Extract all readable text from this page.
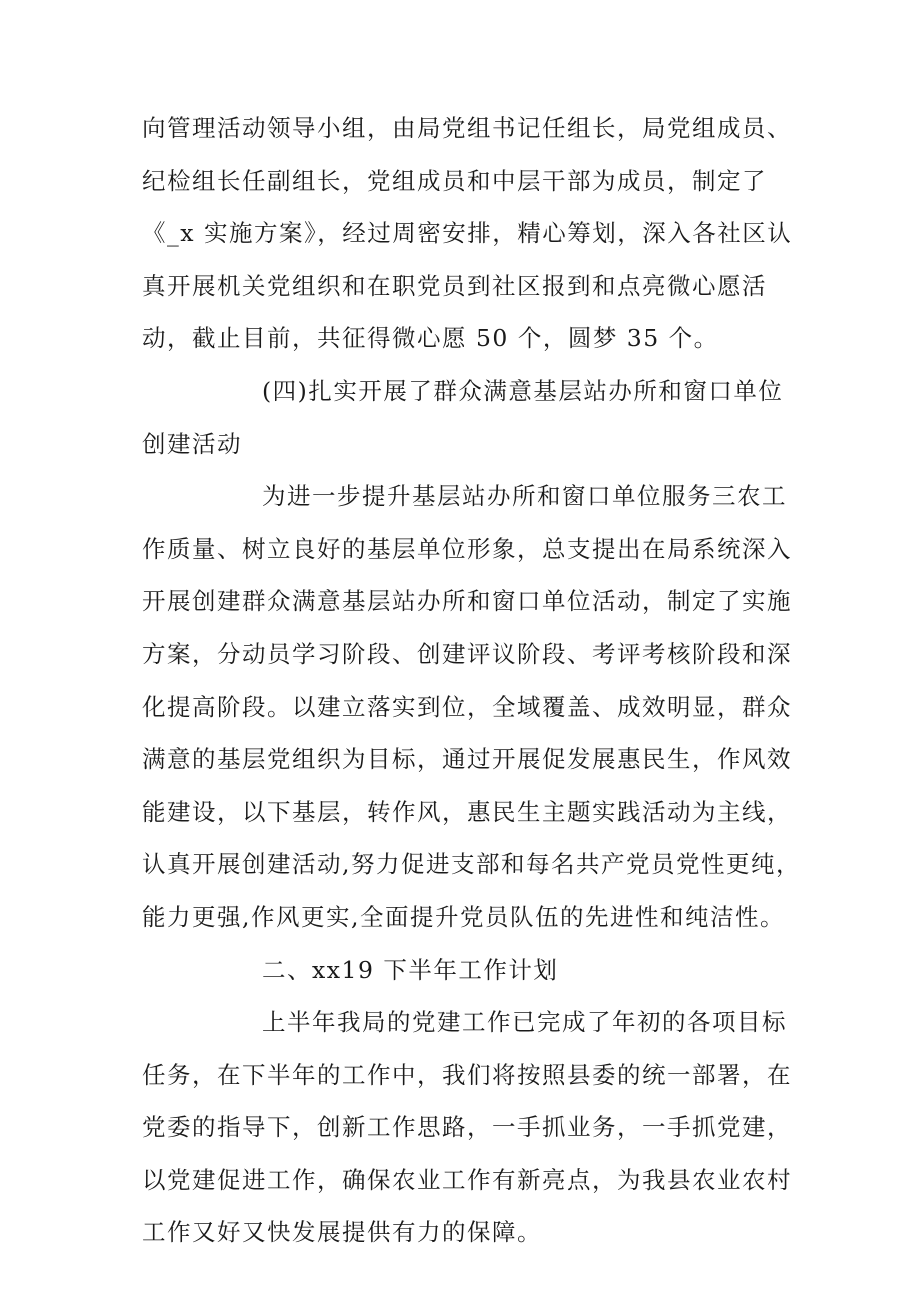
向管理活动领导小组，由局党组书记任组长，局党组成员、
纪检组长任副组长，党组成员和中层干部为成员，制定了
《_x 实施方案》，经过周密安排，精心筹划，深入各社区认
真开展机关党组织和在职党员到社区报到和点亮微心愿活
动，截止目前，共征得微心愿 50 个，圆梦 35 个。
(四)扎实开展了群众满意基层站办所和窗口单位
创建活动
为进一步提升基层站办所和窗口单位服务三农工
作质量、树立良好的基层单位形象，总支提出在局系统深入
开展创建群众满意基层站办所和窗口单位活动，制定了实施
方案，分动员学习阶段、创建评议阶段、考评考核阶段和深
化提高阶段。以建立落实到位，全域覆盖、成效明显，群众
满意的基层党组织为目标，通过开展促发展惠民生，作风效
能建设，以下基层，转作风，惠民生主题实践活动为主线，
认真开展创建活动,努力促进支部和每名共产党员党性更纯，
能力更强,作风更实,全面提升党员队伍的先进性和纯洁性。
二、xx19 下半年工作计划
上半年我局的党建工作已完成了年初的各项目标
任务，在下半年的工作中，我们将按照县委的统一部署，在
党委的指导下，创新工作思路，一手抓业务，一手抓党建，
以党建促进工作，确保农业工作有新亮点，为我县农业农村
工作又好又快发展提供有力的保障。
